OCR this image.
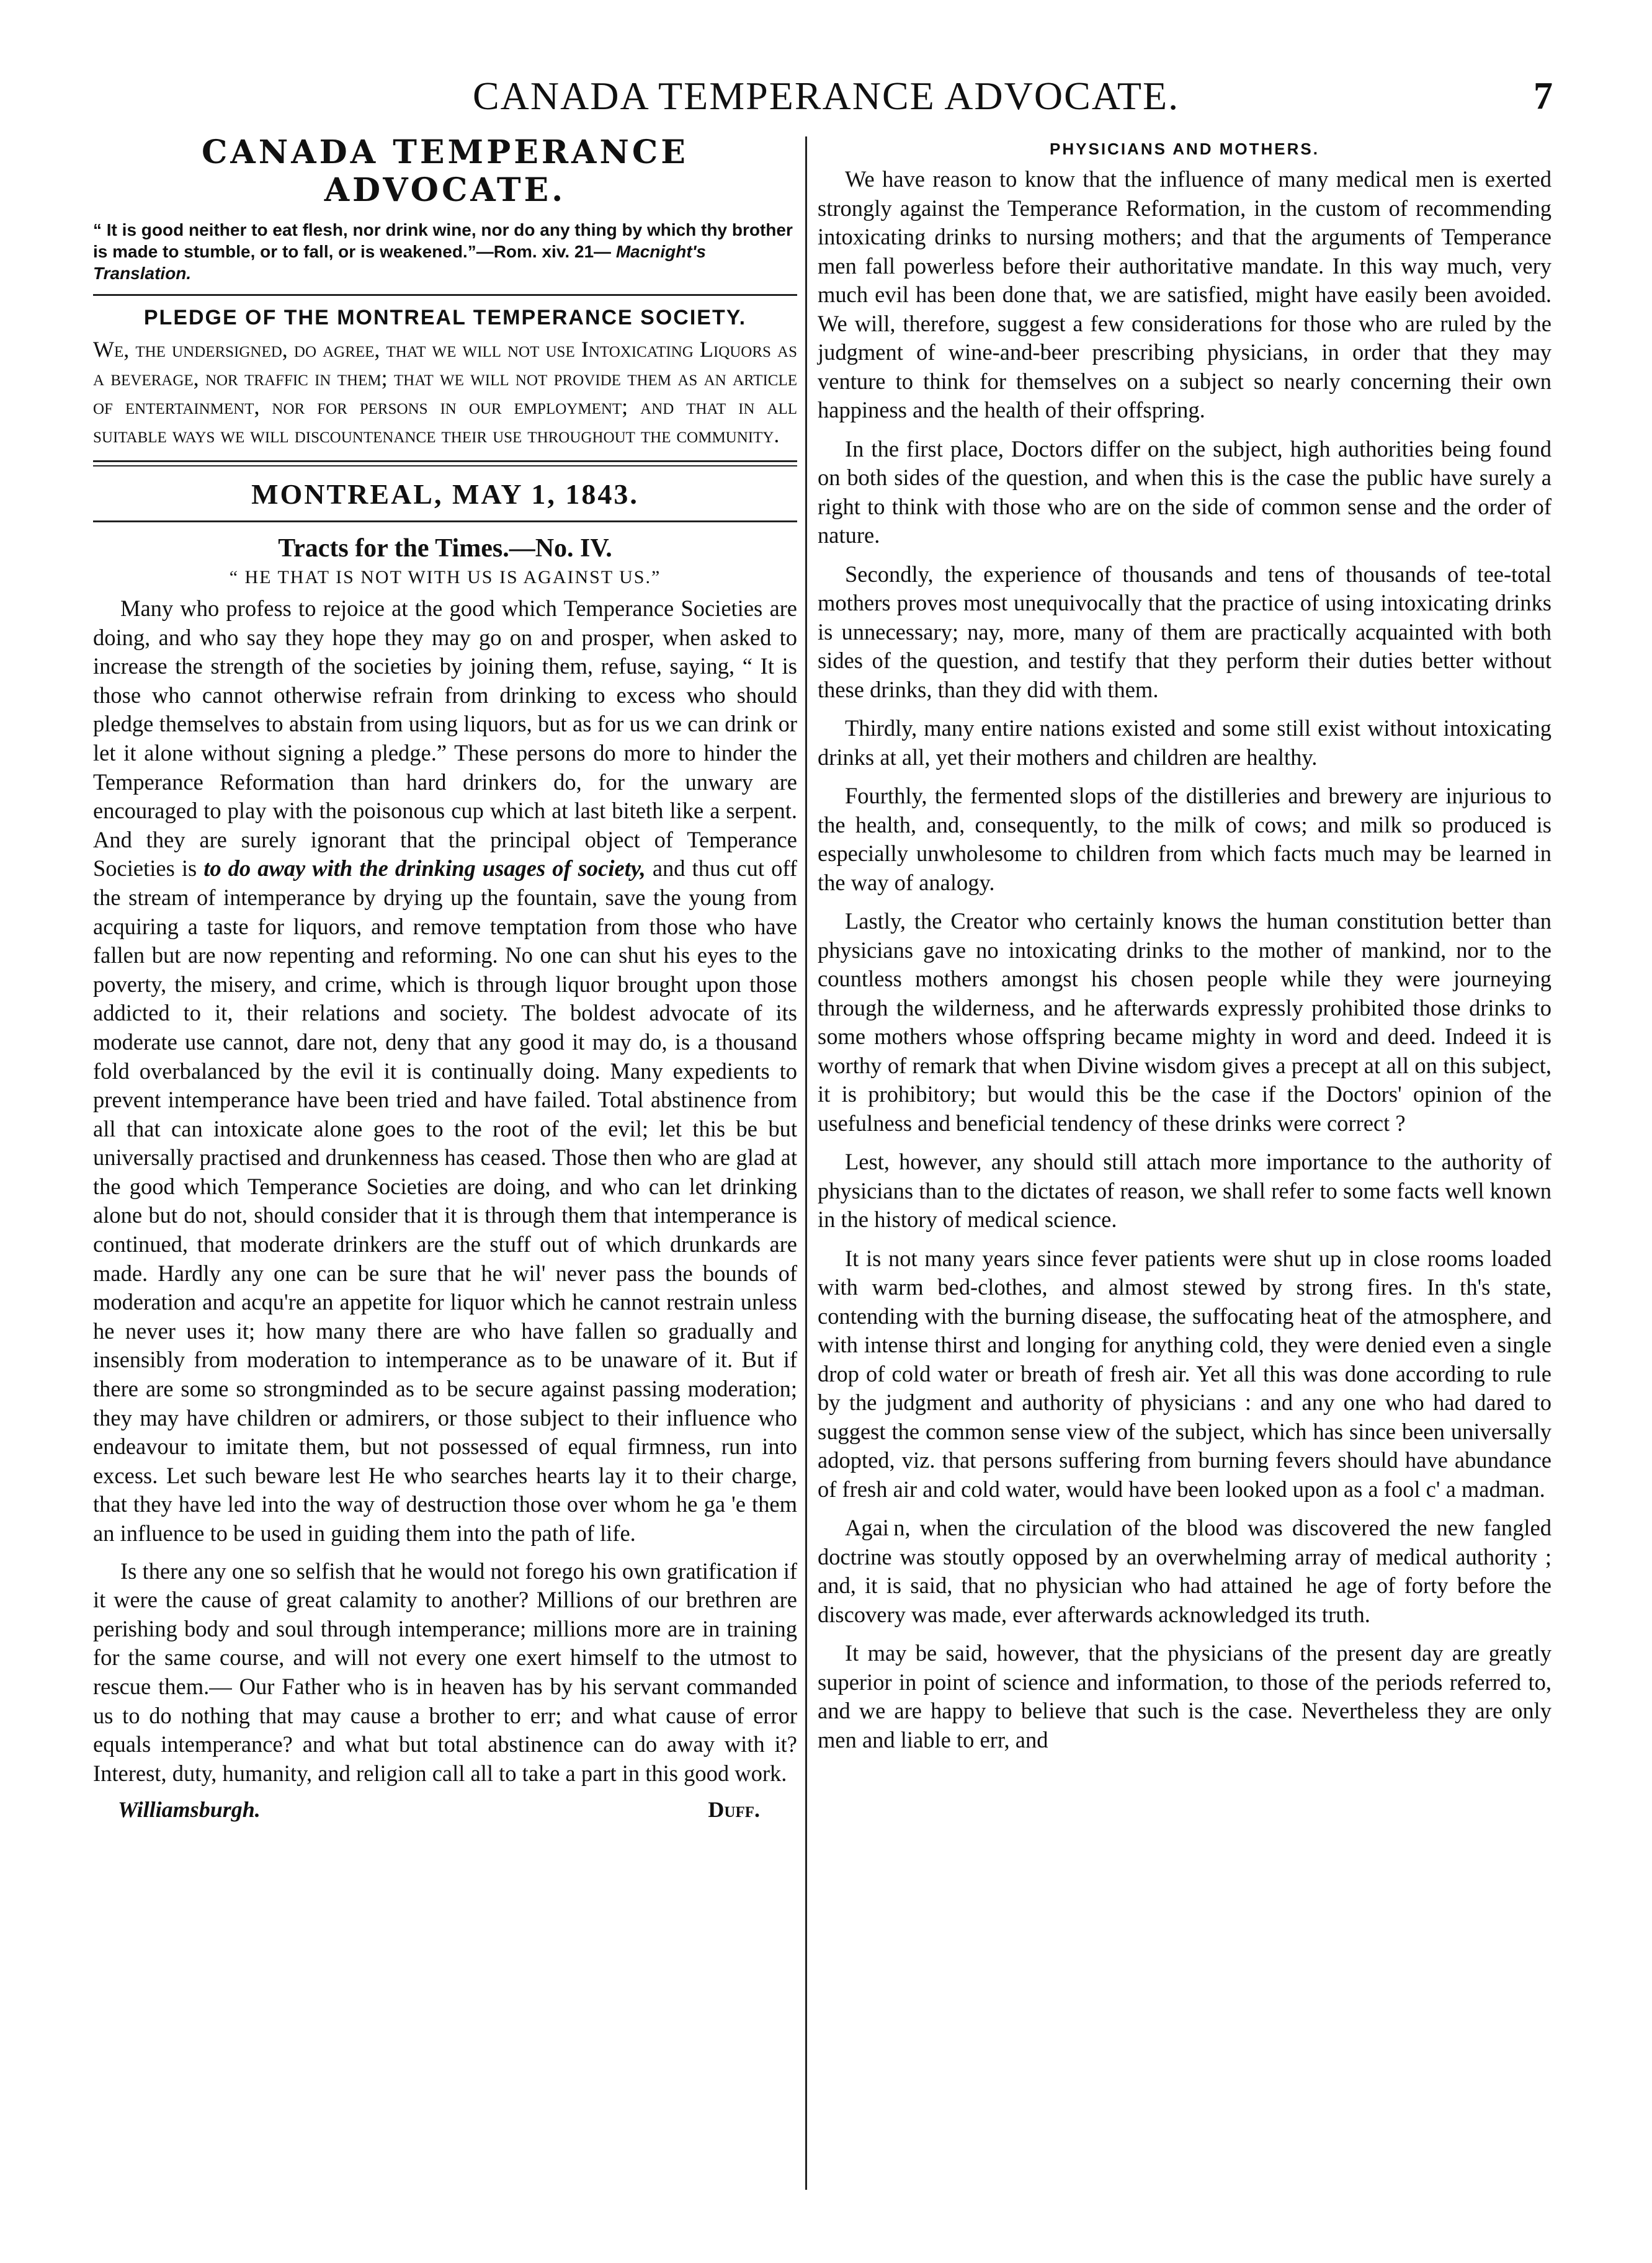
CANADA TEMPERANCE ADVOCATE.	7
CANADA TEMPERANCE ADVOCATE.

“ It is good neither to eat flesh, nor drink wine, nor do any thing by which thy brother is made to stumble, or to fall, or is weakened.”—Rom. xiv. 21— Macnight's Translation.

PLEDGE OF THE MONTREAL TEMPERANCE SOCIETY.

We, the undersigned, do agree, that we will not use Intoxicating Liquors as a beverage, nor traffic in them; that we will not provide them as an article of entertainment, nor for persons in our employment; and that in all suitable ways we will discountenance their use throughout the community.

MONTREAL, MAY 1, 1843.
Tracts for the Times.—No. IV.
“ HE THAT IS NOT WITH US IS AGAINST US.”

Many who profess to rejoice at the good which Temperance Societies are doing, and who say they hope they may go on and prosper, when asked to increase the strength of the societies by joining them, refuse, saying, “ It is those who cannot otherwise refrain from drinking to excess who should pledge themselves to abstain from using liquors, but as for us we can drink or let it alone without signing a pledge.” These persons do more to hinder the Temperance Reformation than hard drinkers do, for the unwary are encouraged to play with the poisonous cup which at last biteth like a serpent. And they are surely ignorant that the principal object of Temperance Societies is to do away with the drinking usages of society, and thus cut off the stream of intemperance by drying up the fountain, save the young from acquiring a taste for liquors, and remove temptation from those who have fallen but are now repenting and reforming. No one can shut his eyes to the poverty, the misery, and crime, which is through liquor brought upon those addicted to it, their relations and society. The boldest advocate of its moderate use cannot, dare not, deny that any good it may do, is a thousand fold overbalanced by the evil it is continually doing. Many expedients to prevent intemperance have been tried and have failed. Total abstinence from all that can intoxicate alone goes to the root of the evil; let this be but universally practised and drunkenness has ceased. Those then who are glad at the good which Temperance Societies are doing, and who can let drinking alone but do not, should consider that it is through them that intemperance is continued, that moderate drinkers are the stuff out of which drunkards are made. Hardly any one can be sure that he wil' never pass the bounds of moderation and acqu're an appetite for liquor which he cannot restrain unless he never uses it; how many there are who have fallen so gradually and insensibly from moderation to intemperance as to be unaware of it. But if there are some so strongminded as to be secure against passing moderation; they may have children or admirers, or those subject to their influence who endeavour to imitate them, but not possessed of equal firmness, run into excess. Let such beware lest He who searches hearts lay it to their charge, that they have led into the way of destruction those over whom he ga 'e them an influence to be used in guiding them into the path of life.

Is there any one so selfish that he would not forego his own gratification if it were the cause of great calamity to another? Millions of our brethren are perishing body and soul through intemperance; millions more are in training for the same course, and will not every one exert himself to the utmost to rescue them.— Our Father who is in heaven has by his servant commanded us to do nothing that may cause a brother to err; and what cause of error equals intemperance? and what but total abstinence can do away with it? Interest, duty, humanity, and religion call all to take a part in this good work.

Williamsburgh.	Duff.
PHYSICIANS AND MOTHERS.

We have reason to know that the influence of many medical men is exerted strongly against the Temperance Reformation, in the custom of recommending intoxicating drinks to nursing mothers; and that the arguments of Temperance men fall powerless before their authoritative mandate. In this way much, very much evil has been done that, we are satisfied, might have easily been avoided. We will, therefore, suggest a few considerations for those who are ruled by the judgment of wine-and-beer prescribing physicians, in order that they may venture to think for themselves on a subject so nearly concerning their own happiness and the health of their offspring.

In the first place, Doctors differ on the subject, high authorities being found on both sides of the question, and when this is the case the public have surely a right to think with those who are on the side of common sense and the order of nature.

Secondly, the experience of thousands and tens of thousands of tee-total mothers proves most unequivocally that the practice of using intoxicating drinks is unnecessary; nay, more, many of them are practically acquainted with both sides of the question, and testify that they perform their duties better without these drinks, than they did with them.

Thirdly, many entire nations existed and some still exist without intoxicating drinks at all, yet their mothers and children are healthy.

Fourthly, the fermented slops of the distilleries and brewery are injurious to the health, and, consequently, to the milk of cows; and milk so produced is especially unwholesome to children from which facts much may be learned in the way of analogy.

Lastly, the Creator who certainly knows the human constitution better than physicians gave no intoxicating drinks to the mother of mankind, nor to the countless mothers amongst his chosen people while they were journeying through the wilderness, and he afterwards expressly prohibited those drinks to some mothers whose offspring became mighty in word and deed. Indeed it is worthy of remark that when Divine wisdom gives a precept at all on this subject, it is prohibitory; but would this be the case if the Doctors' opinion of the usefulness and beneficial tendency of these drinks were correct ?

Lest, however, any should still attach more importance to the authority of physicians than to the dictates of reason, we shall refer to some facts well known in the history of medical science.

It is not many years since fever patients were shut up in close rooms loaded with warm bed-clothes, and almost stewed by strong fires. In th's state, contending with the burning disease, the suffocating heat of the atmosphere, and with intense thirst and longing for anything cold, they were denied even a single drop of cold water or breath of fresh air. Yet all this was done according to rule by the judgment and authority of physicians : and any one who had dared to suggest the common sense view of the subject, which has since been universally adopted, viz. that persons suffering from burning fevers should have abundance of fresh air and cold water, would have been looked upon as a fool c' a madman.

Agai n, when the circulation of the blood was discovered the new fangled doctrine was stoutly opposed by an overwhelming array of medical authority ; and, it is said, that no physician who had attained  he age of forty before the discovery was made, ever afterwards acknowledged its truth.

It may be said, however, that the physicians of the present day are greatly superior in point of science and information, to those of the periods referred to, and we are happy to believe that such is the case. Nevertheless they are only men and liable to err, and
